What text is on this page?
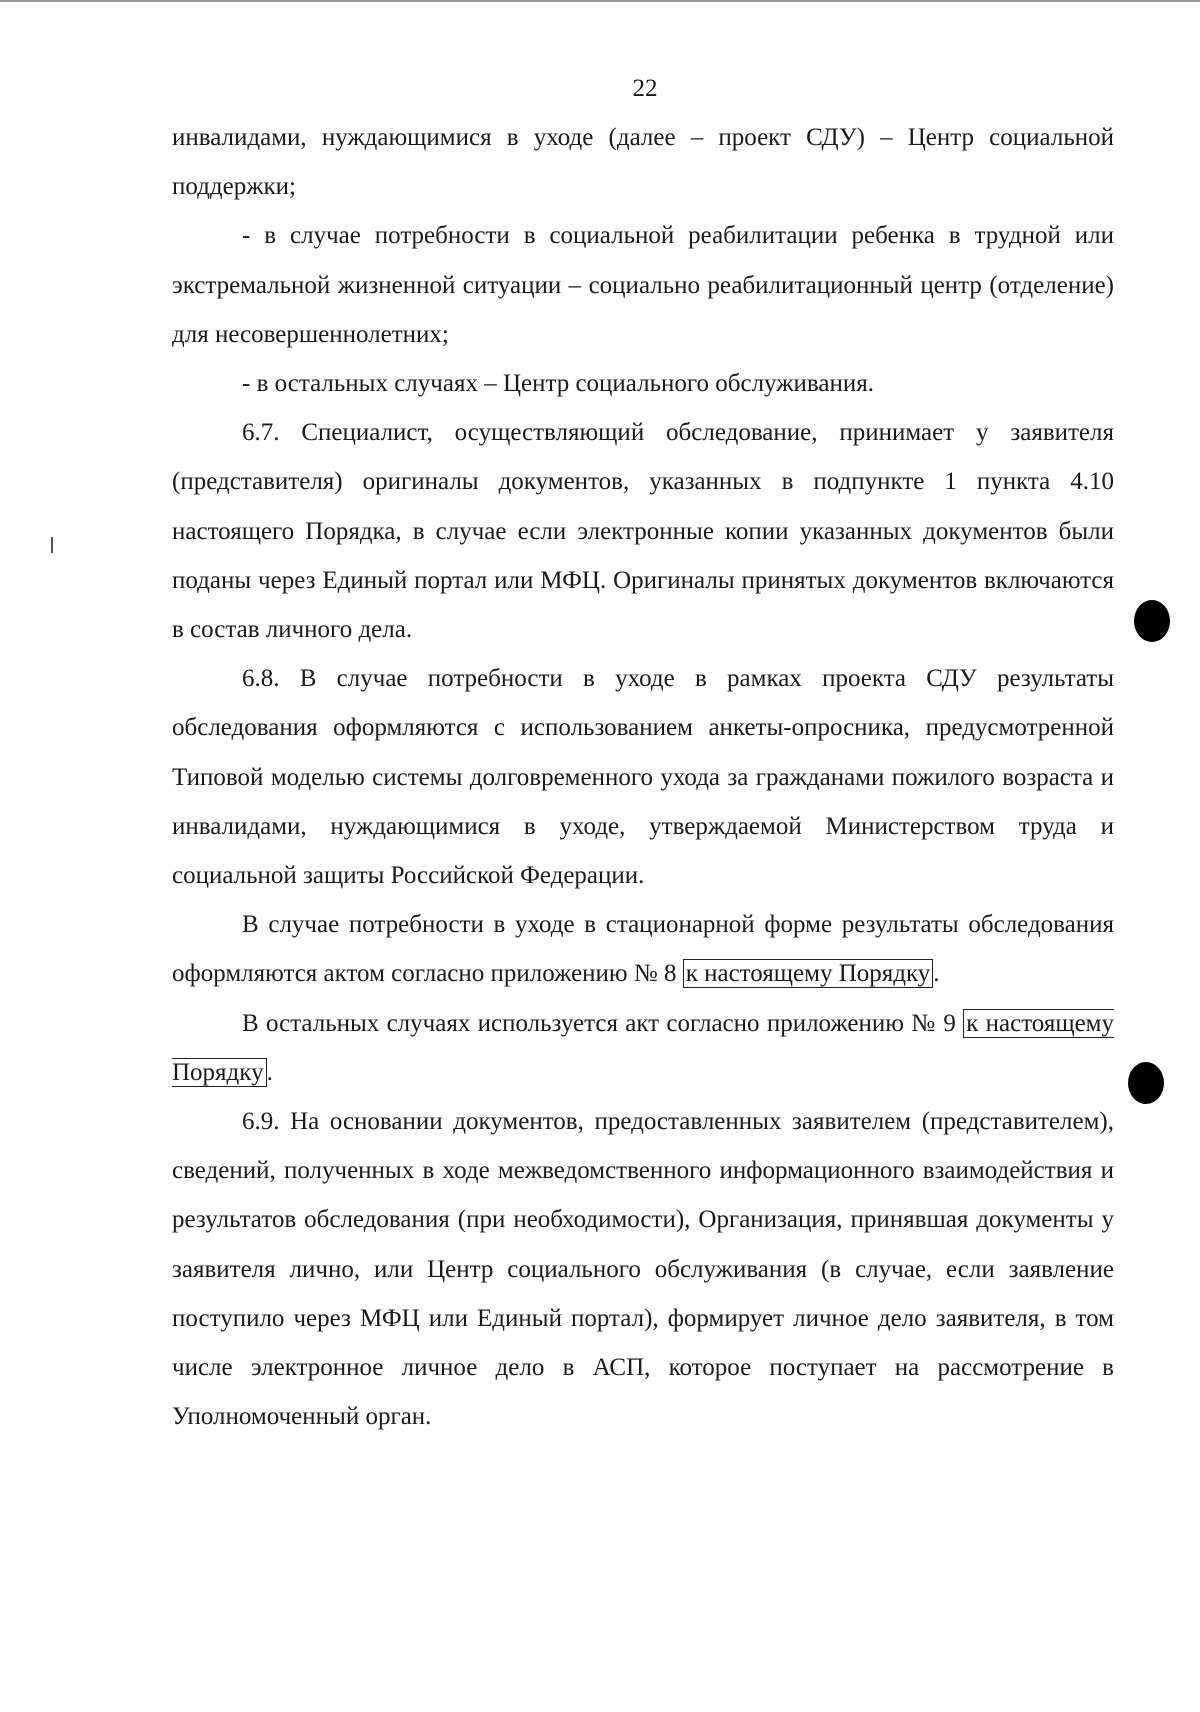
22

инвалидами, нуждающимися в уходе (далее – проект СДУ) – Центр социальной поддержки;

- в случае потребности в социальной реабилитации ребенка в трудной или экстремальной жизненной ситуации – социально реабилитационный центр (отделение) для несовершеннолетних;

- в остальных случаях – Центр социального обслуживания.

6.7. Специалист, осуществляющий обследование, принимает у заявителя (представителя) оригиналы документов, указанных в подпункте 1 пункта 4.10 настоящего Порядка, в случае если электронные копии указанных документов были поданы через Единый портал или МФЦ. Оригиналы принятых документов включаются в состав личного дела.

6.8. В случае потребности в уходе в рамках проекта СДУ результаты обследования оформляются с использованием анкеты-опросника, предусмотренной Типовой моделью системы долговременного ухода за гражданами пожилого возраста и инвалидами, нуждающимися в уходе, утверждаемой Министерством труда и социальной защиты Российской Федерации.

В случае потребности в уходе в стационарной форме результаты обследования оформляются актом согласно приложению № 8 к настоящему Порядку .

В остальных случаях используется акт согласно приложению № 9 к настоящему Порядку .

6.9. На основании документов, предоставленных заявителем (представителем), сведений, полученных в ходе межведомственного информационного взаимодействия и результатов обследования (при необходимости), Организация, принявшая документы у заявителя лично, или Центр социального обслуживания (в случае, если заявление поступило через МФЦ или Единый портал), формирует личное дело заявителя, в том числе электронное личное дело в АСП, которое поступает на рассмотрение в Уполномоченный орган.
